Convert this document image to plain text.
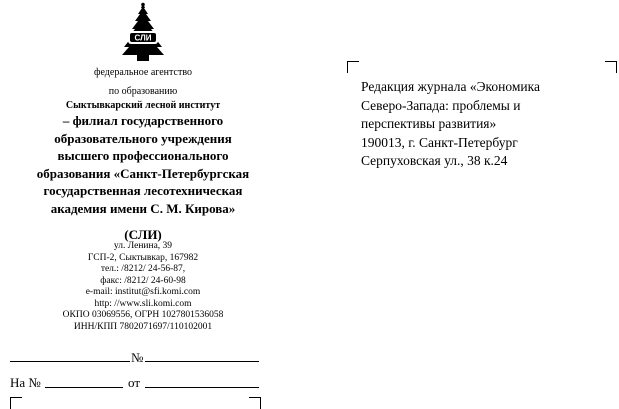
СЛИ
федеральное агентство
по образованию
Сыктывкарский лесной институт
– филиал государственного
образовательного учреждения
высшего профессионального
образования «Санкт-Петербургская
государственная лесотехническая
академия имени С. М. Кирова»
(СЛИ)
ул. Ленина, 39
ГСП-2, Сыктывкар, 167982
тел.: /8212/ 24-56-87,
факс: /8212/ 24-60-98
e-mail: institut@sfi.komi.com
http: //www.sli.komi.com
ОКПО 03069556, ОГРН 1027801536058
ИНН/КПП 7802071697/110102001
№
На №	от
Редакция журнала «Экономика
Северо-Запада: проблемы и
перспективы развития»
190013, г. Санкт-Петербург
Серпуховская ул., 38 к.24
